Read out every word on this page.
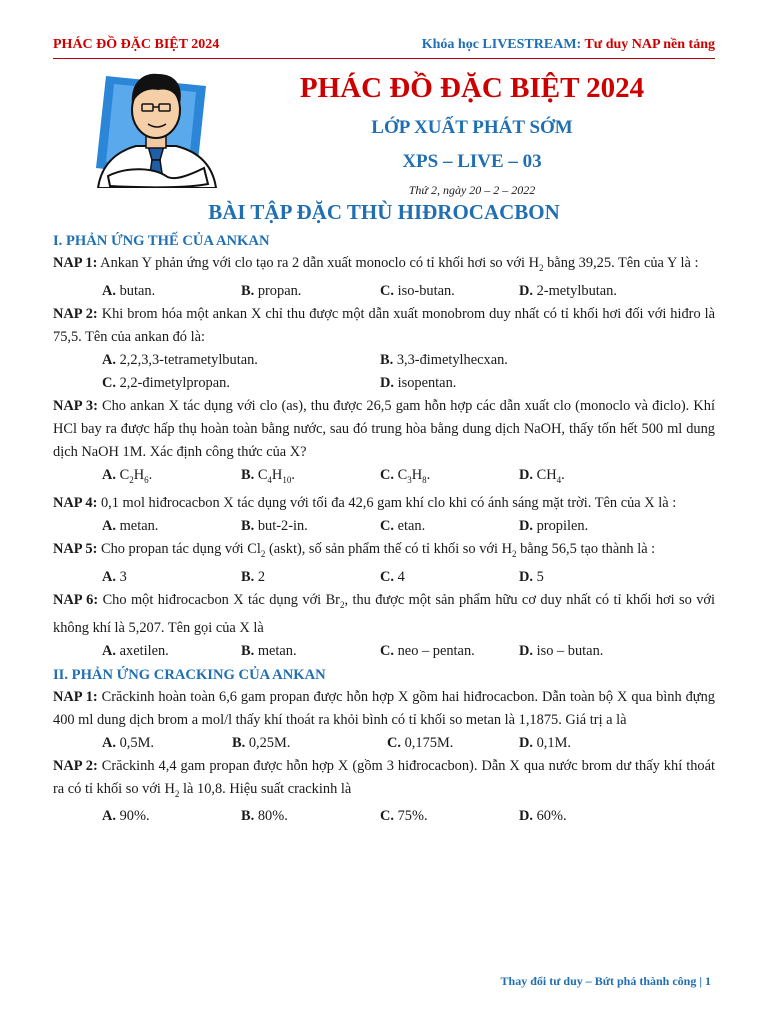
PHÁC ĐỒ ĐẶC BIỆT 2024	Khóa học LIVESTREAM: Tư duy NAP nền tảng
PHÁC ĐỒ ĐẶC BIỆT 2024
LỚP XUẤT PHÁT SỚM
XPS – LIVE – 03
Thứ 2, ngày 20 – 2 – 2022
BÀI TẬP ĐẶC THÙ HIĐROCACBON
I. PHẢN ỨNG THẾ CỦA ANKAN
NAP 1: Ankan Y phản ứng với clo tạo ra 2 dẫn xuất monoclo có tỉ khối hơi so với $H_2$ bằng 39,25. Tên của Y là :
A. butan.	B. propan.	C. iso-butan.	D. 2-metylbutan.
NAP 2: Khi brom hóa một ankan X chỉ thu được một dẫn xuất monobrom duy nhất có tỉ khối hơi đối với hiđro là 75,5. Tên của ankan đó là:
A. 2,2,3,3-tetrametylbutan.	B. 3,3-đimetylhecxan.
C. 2,2-đimetylpropan.	D. isopentan.
NAP 3: Cho ankan X tác dụng với clo (as), thu được 26,5 gam hỗn hợp các dẫn xuất clo (monoclo và điclo). Khí HCl bay ra được hấp thụ hoàn toàn bằng nước, sau đó trung hòa bằng dung dịch NaOH, thấy tốn hết 500 ml dung dịch NaOH 1M. Xác định công thức của X?
A. $C_2H_6$.	B. $C_4H_{10}$.	C. $C_3H_8$.	D. $CH_4$.
NAP 4: 0,1 mol hiđrocacbon X tác dụng với tối đa 42,6 gam khí clo khi có ánh sáng mặt trời. Tên của X là :
A. metan.	B. but-2-in.	C. etan.	D. propilen.
NAP 5: Cho propan tác dụng với $Cl_2$ (askt), số sản phẩm thế có tỉ khối so với $H_2$ bằng 56,5 tạo thành là :
A. 3	B. 2	C. 4	D. 5
NAP 6: Cho một hiđrocacbon X tác dụng với $Br_2$, thu được một sản phẩm hữu cơ duy nhất có tỉ khối hơi so với không khí là 5,207. Tên gọi của X là
A. axetilen.	B. metan.	C. neo – pentan.	D. iso – butan.
II. PHẢN ỨNG CRACKING CỦA ANKAN
NAP 1: Crăckinh hoàn toàn 6,6 gam propan được hỗn hợp X gồm hai hiđrocacbon. Dẫn toàn bộ X qua bình đựng 400 ml dung dịch brom a mol/l thấy khí thoát ra khỏi bình có tỉ khối so metan là 1,1875. Giá trị a là
A. 0,5M.	B. 0,25M.	C. 0,175M.	D. 0,1M.
NAP 2: Crăckinh 4,4 gam propan được hỗn hợp X (gồm 3 hiđrocacbon). Dẫn X qua nước brom dư thấy khí thoát ra có tỉ khối so với $H_2$ là 10,8. Hiệu suất crackinh là
A. 90%.	B. 80%.	C. 75%.	D. 60%.
Thay đổi tư duy – Bứt phá thành công | 1
